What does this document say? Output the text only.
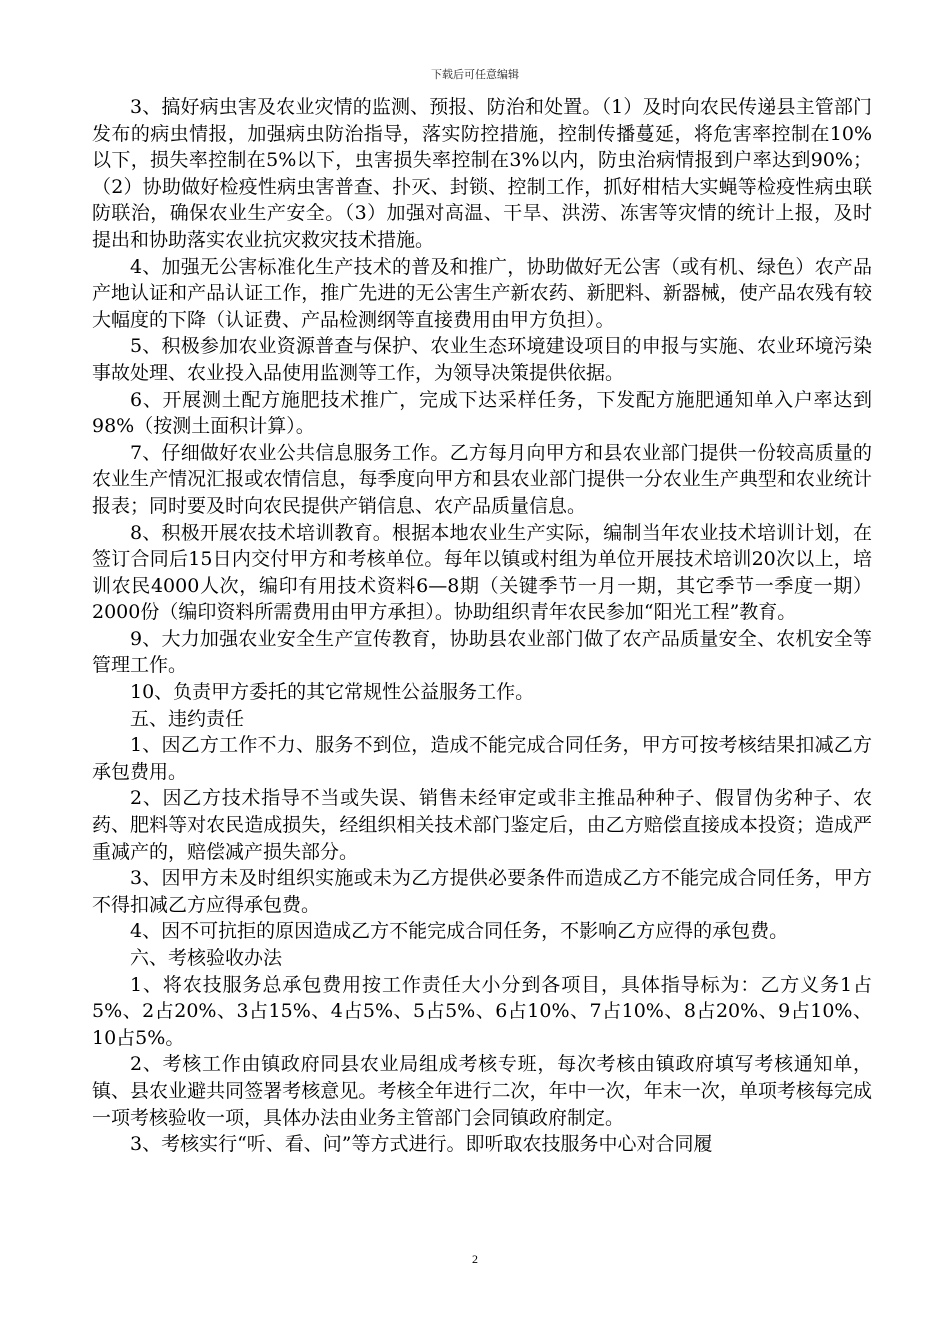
下载后可任意编辑

3、搞好病虫害及农业灾情的监测、预报、防治和处置。（1）及时向农民传递县主管部门发布的病虫情报，加强病虫防治指导，落实防控措施，控制传播蔓延，将危害率控制在10%以下，损失率控制在5%以下，虫害损失率控制在3%以内，防虫治病情报到户率达到90%；（2）协助做好检疫性病虫害普查、扑灭、封锁、控制工作，抓好柑桔大实蝇等检疫性病虫联防联治，确保农业生产安全。（3）加强对高温、干旱、洪涝、冻害等灾情的统计上报，及时提出和协助落实农业抗灾救灾技术措施。

4、加强无公害标准化生产技术的普及和推广，协助做好无公害（或有机、绿色）农产品产地认证和产品认证工作，推广先进的无公害生产新农药、新肥料、新器械，使产品农残有较大幅度的下降（认证费、产品检测纲等直接费用由甲方负担）。

5、积极参加农业资源普查与保护、农业生态环境建设项目的申报与实施、农业环境污染事故处理、农业投入品使用监测等工作，为领导决策提供依据。

6、开展测土配方施肥技术推广，完成下达采样任务，下发配方施肥通知单入户率达到98%（按测土面积计算）。

7、仔细做好农业公共信息服务工作。乙方每月向甲方和县农业部门提供一份较高质量的农业生产情况汇报或农情信息，每季度向甲方和县农业部门提供一分农业生产典型和农业统计报表；同时要及时向农民提供产销信息、农产品质量信息。

8、积极开展农技术培训教育。根据本地农业生产实际，编制当年农业技术培训计划，在签订合同后15日内交付甲方和考核单位。每年以镇或村组为单位开展技术培训20次以上，培训农民4000人次，编印有用技术资料6—8期（关键季节一月一期，其它季节一季度一期）2000份（编印资料所需费用由甲方承担）。协助组织青年农民参加“阳光工程”教育。

9、大力加强农业安全生产宣传教育，协助县农业部门做了农产品质量安全、农机安全等管理工作。

10、负责甲方委托的其它常规性公益服务工作。

五、违约责任

1、因乙方工作不力、服务不到位，造成不能完成合同任务，甲方可按考核结果扣减乙方承包费用。

2、因乙方技术指导不当或失误、销售未经审定或非主推品种种子、假冒伪劣种子、农药、肥料等对农民造成损失，经组织相关技术部门鉴定后，由乙方赔偿直接成本投资；造成严重减产的，赔偿减产损失部分。

3、因甲方未及时组织实施或未为乙方提供必要条件而造成乙方不能完成合同任务，甲方不得扣减乙方应得承包费。

4、因不可抗拒的原因造成乙方不能完成合同任务，不影响乙方应得的承包费。

六、考核验收办法

1、将农技服务总承包费用按工作责任大小分到各项目，具体指导标为：乙方义务1占5%、2占20%、3占15%、4占5%、5占5%、6占10%、7占10%、8占20%、9占10%、10占5%。

2、考核工作由镇政府同县农业局组成考核专班，每次考核由镇政府填写考核通知单，镇、县农业避共同签署考核意见。考核全年进行二次，年中一次，年末一次，单项考核每完成一项考核验收一项，具体办法由业务主管部门会同镇政府制定。

3、考核实行“听、看、问”等方式进行。即听取农技服务中心对合同履

2
